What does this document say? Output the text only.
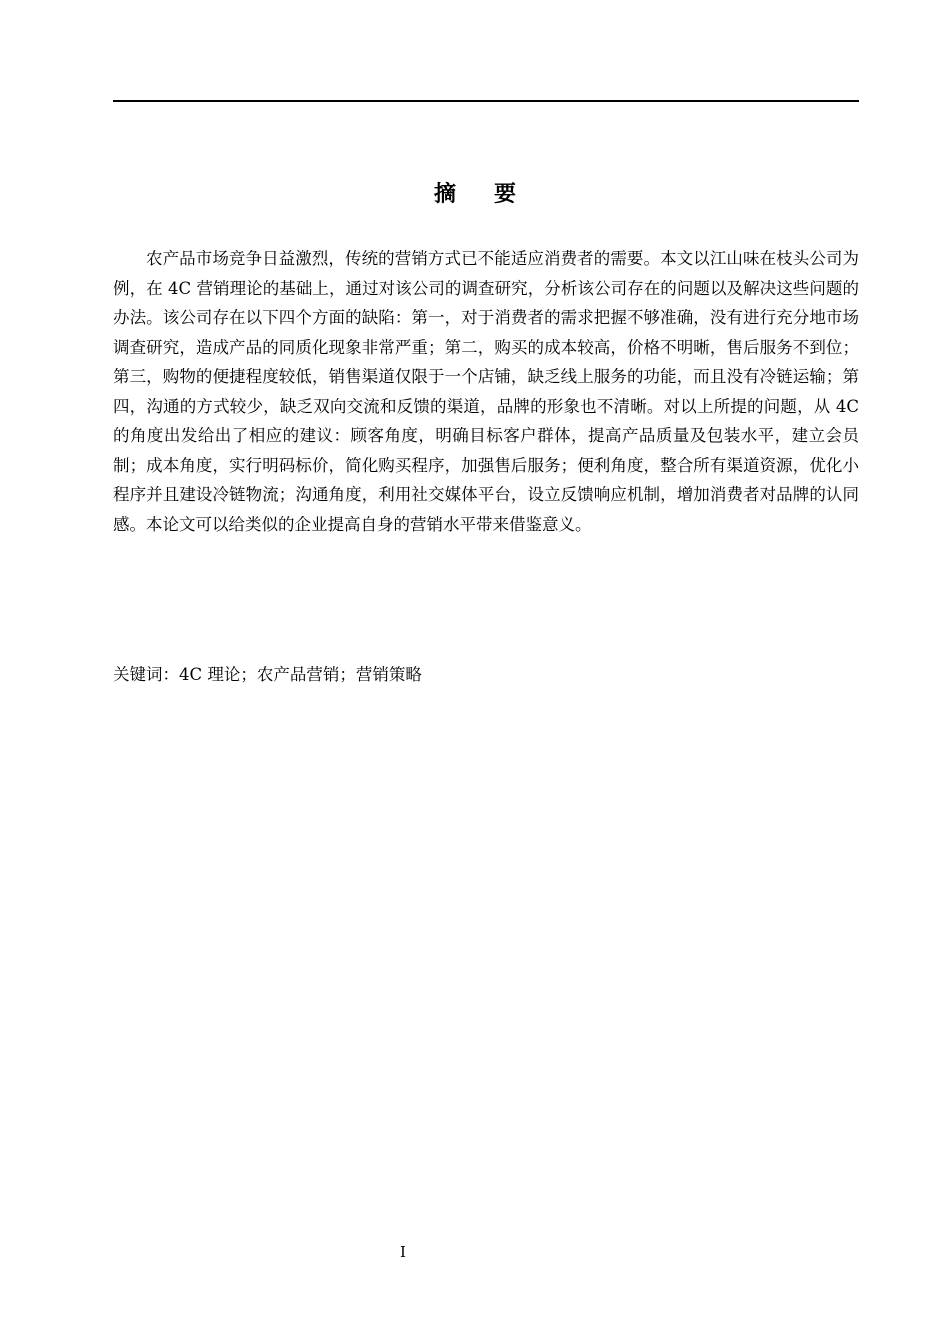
摘 要

农产品市场竞争日益激烈，传统的营销方式已不能适应消费者的需要。本文以江山味在枝头公司为例，在 4C 营销理论的基础上，通过对该公司的调查研究，分析该公司存在的问题以及解决这些问题的办法。该公司存在以下四个方面的缺陷：第一，对于消费者的需求把握不够准确，没有进行充分地市场调查研究，造成产品的同质化现象非常严重；第二，购买的成本较高，价格不明晰，售后服务不到位；第三，购物的便捷程度较低，销售渠道仅限于一个店铺，缺乏线上服务的功能，而且没有冷链运输；第四，沟通的方式较少，缺乏双向交流和反馈的渠道，品牌的形象也不清晰。对以上所提的问题，从 4C 的角度出发给出了相应的建议：顾客角度，明确目标客户群体，提高产品质量及包装水平，建立会员制；成本角度，实行明码标价，简化购买程序，加强售后服务；便利角度，整合所有渠道资源，优化小程序并且建设冷链物流；沟通角度，利用社交媒体平台，设立反馈响应机制，增加消费者对品牌的认同感。本论文可以给类似的企业提高自身的营销水平带来借鉴意义。

关键词：4C 理论；农产品营销；营销策略

I
